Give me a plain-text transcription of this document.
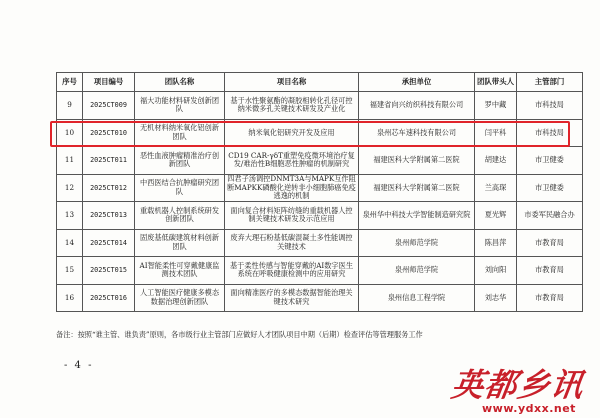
序号	项目编号	团队名称	项目名称	承担单位	团队带头人	主管部门
9	2025CT009	福大功能材料研发创新团队	基于水性聚氨酯的凝胶相转化孔径可控纳米微多孔关键技术研发及产业化	福建省向兴纺织科技有限公司	罗中藏	市科技局
10	2025CT010	无机材料纳米氧化铝创新团队	纳米氧化铝研究开发及应用	泉州芯车速科技有限公司	闫平科	市科技局
11	2025CT011	恶性血液肿瘤精准治疗创新团队	CD19 CAR-γδT重塑免疫微环境治疗复发/难治性B细胞恶性肿瘤的机制研究	福建医科大学附属第二医院	胡建达	市卫健委
12	2025CT012	中西医结合抗肿瘤研究团队	四君子汤调控DNMT3A与MAPK互作阻断MAPKK磷酸化逆转非小细胞肺癌免疫逃逸的机制	福建医科大学附属第二医院	兰高琛	市卫健委
13	2025CT013	重载机器人控制系统研发创新团队	面向复合材料矩阵纺缝的重载机器人控制关键技术研发及示范应用	泉州华中科技大学智能制造研究院	夏光辉	市委军民融合办
14	2025CT014	固废基低碳建筑材料创新团队	废弃大理石粉基低碳混凝土多性能调控关键技术	泉州师范学院	陈昌萍	市教育局
15	2025CT015	AI智能柔性可穿戴健康监测技术团队	基于柔性传感与智能穿戴的AI数字医生系统在呼吸健康检测中的应用研究	泉州师范学院	刘向阳	市教育局
16	2025CT016	人工智能医疗健康多模态数据治理创新团队	面向精准医疗的多模态数据智能治理关键技术研究	泉州信息工程学院	刘志华	市教育局
备注：按照“谁主管、谁负责”原则，各市级行业主管部门应做好人才团队项目中期（后期）检查评估等管理服务工作
- 4 -
英都乡讯
www.ydxx.net
